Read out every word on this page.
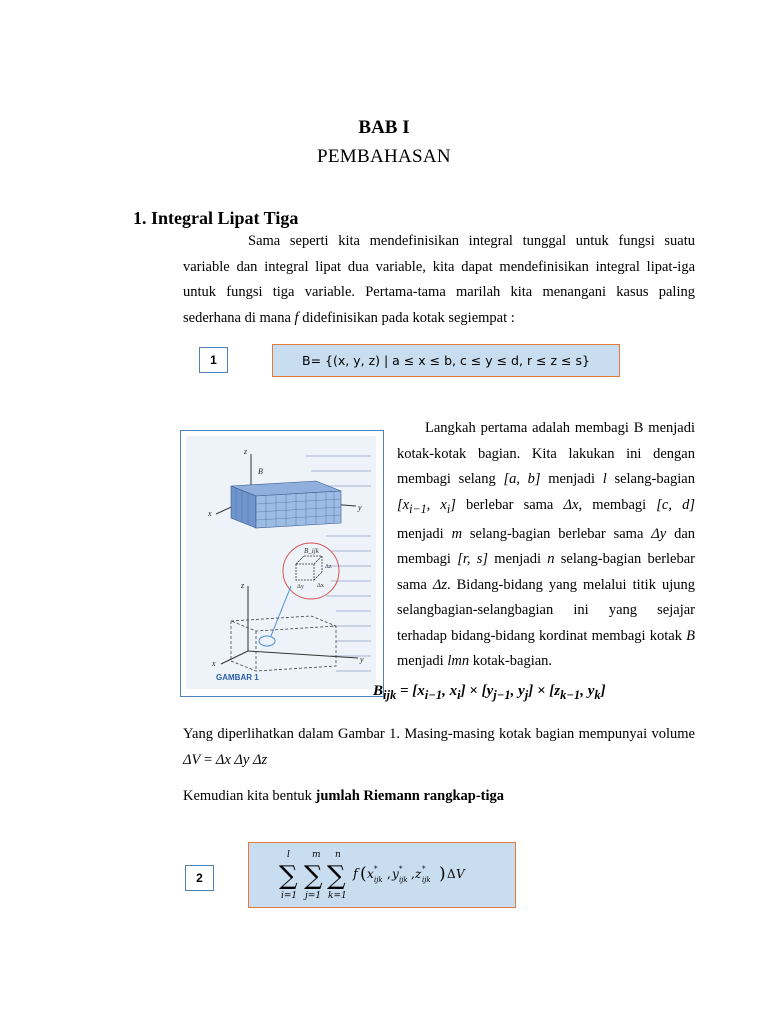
BAB I
PEMBAHASAN
1. Integral Lipat Tiga
Sama seperti kita mendefinisikan integral tunggal untuk fungsi suatu variable dan integral lipat dua variable, kita dapat mendefinisikan integral lipat-iga untuk fungsi tiga variable. Pertama-tama marilah kita menangani kasus paling sederhana di mana f didefinisikan pada kotak segiempat :
1	B= {(x, y, z) | a ≤ x ≤ b, c ≤ y ≤ d, r ≤ z ≤ s}
B_ijk
Δz
Δy Δx
z
x
y
B
z
x	y
GAMBAR 1
Langkah pertama adalah membagi B menjadi kotak-kotak bagian. Kita lakukan ini dengan membagi selang [a, b] menjadi l selang-bagian [$x_{i-1}$, $x_i$] berlebar sama Δx, membagi [c, d] menjadi m selang-bagian berlebar sama Δy dan membagi [r, s] menjadi n selang-bagian berlebar sama Δz. Bidang-bidang yang melalui titik ujung selangbagian-selangbagian ini yang sejajar terhadap bidang-bidang kordinat membagi kotak B menjadi lmn kotak-bagian.
$B_{ijk} = [x_{i-1}$, $x_i] \times [y_{j-1}$, $y_j] \times [z_{k-1}$, $y_k$]
Yang diperlihatkan dalam Gambar 1. Masing-masing kotak bagian mempunyai volume ΔV = Δx Δy Δz
Kemudian kita bentuk jumlah Riemann rangkap-tiga
2
l m n
∑ ∑ ∑
i=1 j=1 k=1
f ( x *
ijk , y *
ijk , z *
ijk ) Δ V
